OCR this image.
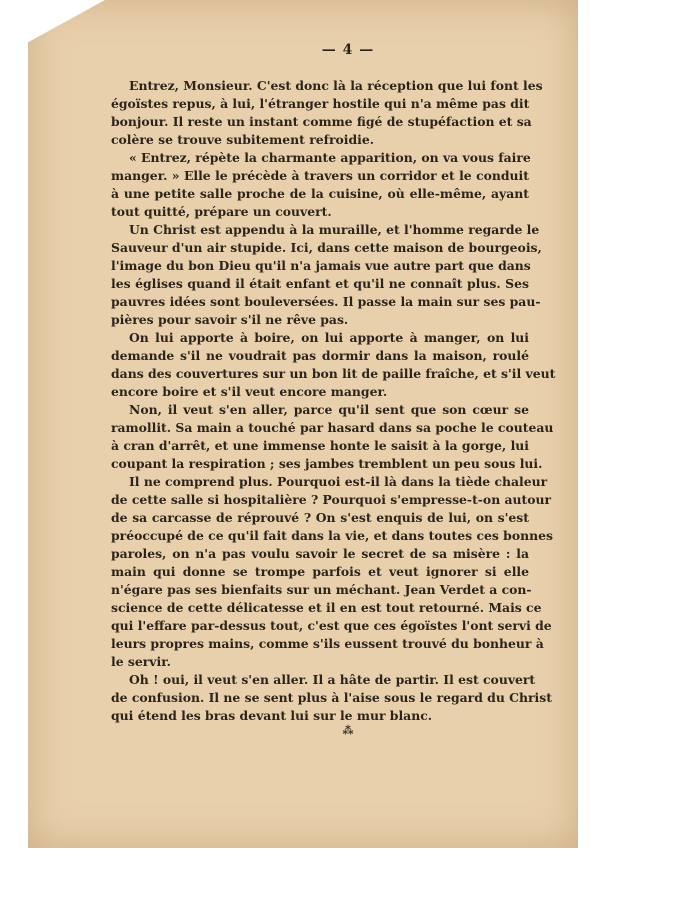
— 4 —
Entrez, Monsieur. C'est donc là la réception que lui font les
égoïstes repus, à lui, l'étranger hostile qui n'a même pas dit
bonjour. Il reste un instant comme figé de stupéfaction et sa
colère se trouve subitement refroidie.
« Entrez, répète la charmante apparition, on va vous faire
manger. » Elle le précède à travers un corridor et le conduit
à une petite salle proche de la cuisine, où elle-même, ayant
tout quitté, prépare un couvert.
Un Christ est appendu à la muraille, et l'homme regarde le
Sauveur d'un air stupide. Ici, dans cette maison de bourgeois,
l'image du bon Dieu qu'il n'a jamais vue autre part que dans
les églises quand il était enfant et qu'il ne connaît plus. Ses
pauvres idées sont bouleversées. Il passe la main sur ses pau-
pières pour savoir s'il ne rêve pas.
On lui apporte à boire, on lui apporte à manger, on lui
demande s'il ne voudrait pas dormir dans la maison, roulé
dans des couvertures sur un bon lit de paille fraîche, et s'il veut
encore boire et s'il veut encore manger.
Non, il veut s'en aller, parce qu'il sent que son cœur se
ramollit. Sa main a touché par hasard dans sa poche le couteau
à cran d'arrêt, et une immense honte le saisit à la gorge, lui
coupant la respiration ; ses jambes tremblent un peu sous lui.
Il ne comprend plus. Pourquoi est-il là dans la tiède chaleur
de cette salle si hospitalière ? Pourquoi s'empresse-t-on autour
de sa carcasse de réprouvé ? On s'est enquis de lui, on s'est
préoccupé de ce qu'il fait dans la vie, et dans toutes ces bonnes
paroles, on n'a pas voulu savoir le secret de sa misère : la
main qui donne se trompe parfois et veut ignorer si elle
n'égare pas ses bienfaits sur un méchant. Jean Verdet a con-
science de cette délicatesse et il en est tout retourné. Mais ce
qui l'effare par-dessus tout, c'est que ces égoïstes l'ont servi de
leurs propres mains, comme s'ils eussent trouvé du bonheur à
le servir.
Oh ! oui, il veut s'en aller. Il a hâte de partir. Il est couvert
de confusion. Il ne se sent plus à l'aise sous le regard du Christ
qui étend les bras devant lui sur le mur blanc.
⁂
